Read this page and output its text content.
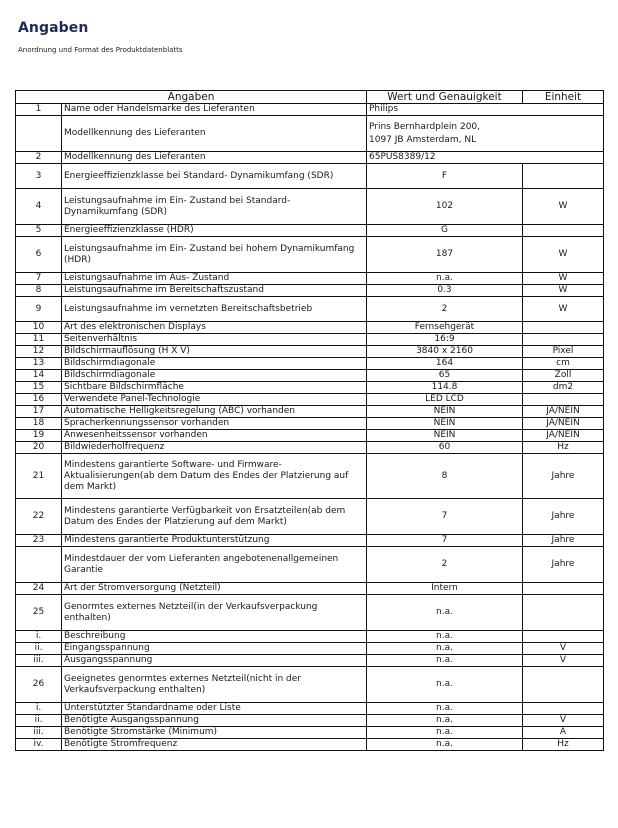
Angaben
Anordnung und Format des Produktdatenblatts
Angaben		Wert und Genauigkeit	Einheit
1	Name oder Handelsmarke des Lieferanten	Philips	
	Modellkennung des Lieferanten	Prins Bernhardplein 200,
1097 JB Amsterdam, NL	
2	Modellkennung des Lieferanten	65PUS8389/12	
3	Energieeffizienzklasse bei Standard- Dynamikumfang (SDR)	F	
4	Leistungsaufnahme im Ein- Zustand bei Standard- Dynamikumfang (SDR)	102	W
5	Energieeffizienzklasse (HDR)	G	
6	Leistungsaufnahme im Ein- Zustand bei hohem Dynamikumfang (HDR)	187	W
7	Leistungsaufnahme im Aus- Zustand	n.a.	W
8	Leistungsaufnahme im Bereitschaftszustand	0.3	W
9	Leistungsaufnahme im vernetzten Bereitschaftsbetrieb	2	W
10	Art des elektronischen Displays	Fernsehgerät	
11	Seitenverhältnis	16:9	
12	Bildschirmauflösung (H X V)	3840 x 2160	Pixel
13	Bildschirmdiagonale	164	cm
14	Bildschirmdiagonale	65	Zoll
15	Sichtbare Bildschirmfläche	114.8	dm2
16	Verwendete Panel-Technologie	LED LCD	
17	Automatische Helligkeitsregelung (ABC) vorhanden	NEIN	JA/NEIN
18	Spracherkennungssensor vorhanden	NEIN	JA/NEIN
19	Anwesenheitssensor vorhanden	NEIN	JA/NEIN
20	Bildwiederholfrequenz	60	Hz
21	Mindestens garantierte Software- und Firmware- Aktualisierungen(ab dem Datum des Endes der Platzierung auf dem Markt)	8	Jahre
22	Mindestens garantierte Verfügbarkeit von Ersatzteilen(ab dem Datum des Endes der Platzierung auf dem Markt)	7	Jahre
23	Mindestens garantierte Produktunterstützung	7	Jahre
	Mindestdauer der vom Lieferanten angebotenenallgemeinen Garantie	2	Jahre
24	Art der Stromversorgung (Netzteil)	Intern	
25	Genormtes externes Netzteil(in der Verkaufsverpackung enthalten)	n.a.	
i.	Beschreibung	n.a.	
ii.	Eingangsspannung	n.a.	V
iii.	Ausgangsspannung	n.a.	V
26	Geeignetes genormtes externes Netzteil(nicht in der Verkaufsverpackung enthalten)	n.a.	
i.	Unterstützter Standardname oder Liste	n.a.	
ii.	Benötigte Ausgangsspannung	n.a.	V
iii.	Benötigte Stromstärke (Minimum)	n.a.	A
iv.	Benötigte Stromfrequenz	n.a.	Hz
